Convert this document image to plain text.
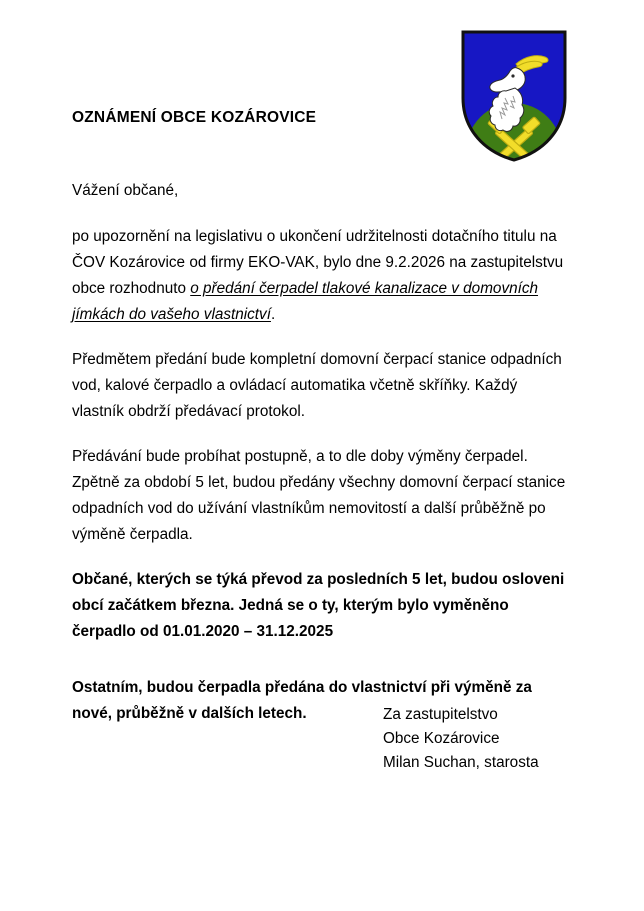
OZNÁMENÍ OBCE KOZÁROVICE

Vážení občané,

po upozornění na legislativu o ukončení udržitelnosti dotačního titulu na ČOV Kozárovice od firmy EKO-VAK, bylo dne 9.2.2026 na zastupitelstvu obce rozhodnuto o předání čerpadel tlakové kanalizace v domovních jímkách do vašeho vlastnictví.

Předmětem předání bude kompletní domovní čerpací stanice odpadních vod, kalové čerpadlo a ovládací automatika včetně skříňky. Každý vlastník obdrží předávací protokol.

Předávání bude probíhat postupně, a to dle doby výměny čerpadel. Zpětně za období 5 let, budou předány všechny domovní čerpací stanice odpadních vod do užívání vlastníkům nemovitostí a další průběžně po výměně čerpadla.

Občané, kterých se týká převod za posledních 5 let, budou osloveni obcí začátkem března. Jedná se o ty, kterým bylo vyměněno čerpadlo od 01.01.2020 – 31.12.2025

Ostatním, budou čerpadla předána do vlastnictví při výměně za nové, průběžně v dalších letech.	Za zastupitelstvo
Obce Kozárovice
Milan Suchan, starosta
